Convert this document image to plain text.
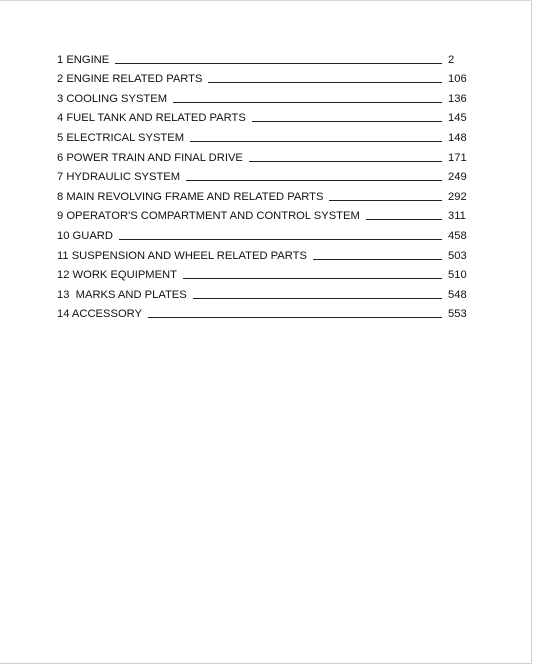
1 ENGINE	2
2 ENGINE RELATED PARTS	106
3 COOLING SYSTEM	136
4 FUEL TANK AND RELATED PARTS	145
5 ELECTRICAL SYSTEM	148
6 POWER TRAIN AND FINAL DRIVE	171
7 HYDRAULIC SYSTEM	249
8 MAIN REVOLVING FRAME AND RELATED PARTS	292
9 OPERATOR'S COMPARTMENT AND CONTROL SYSTEM	311
10 GUARD	458
11 SUSPENSION AND WHEEL RELATED PARTS	503
12 WORK EQUIPMENT	510
13  MARKS AND PLATES	548
14 ACCESSORY	553
